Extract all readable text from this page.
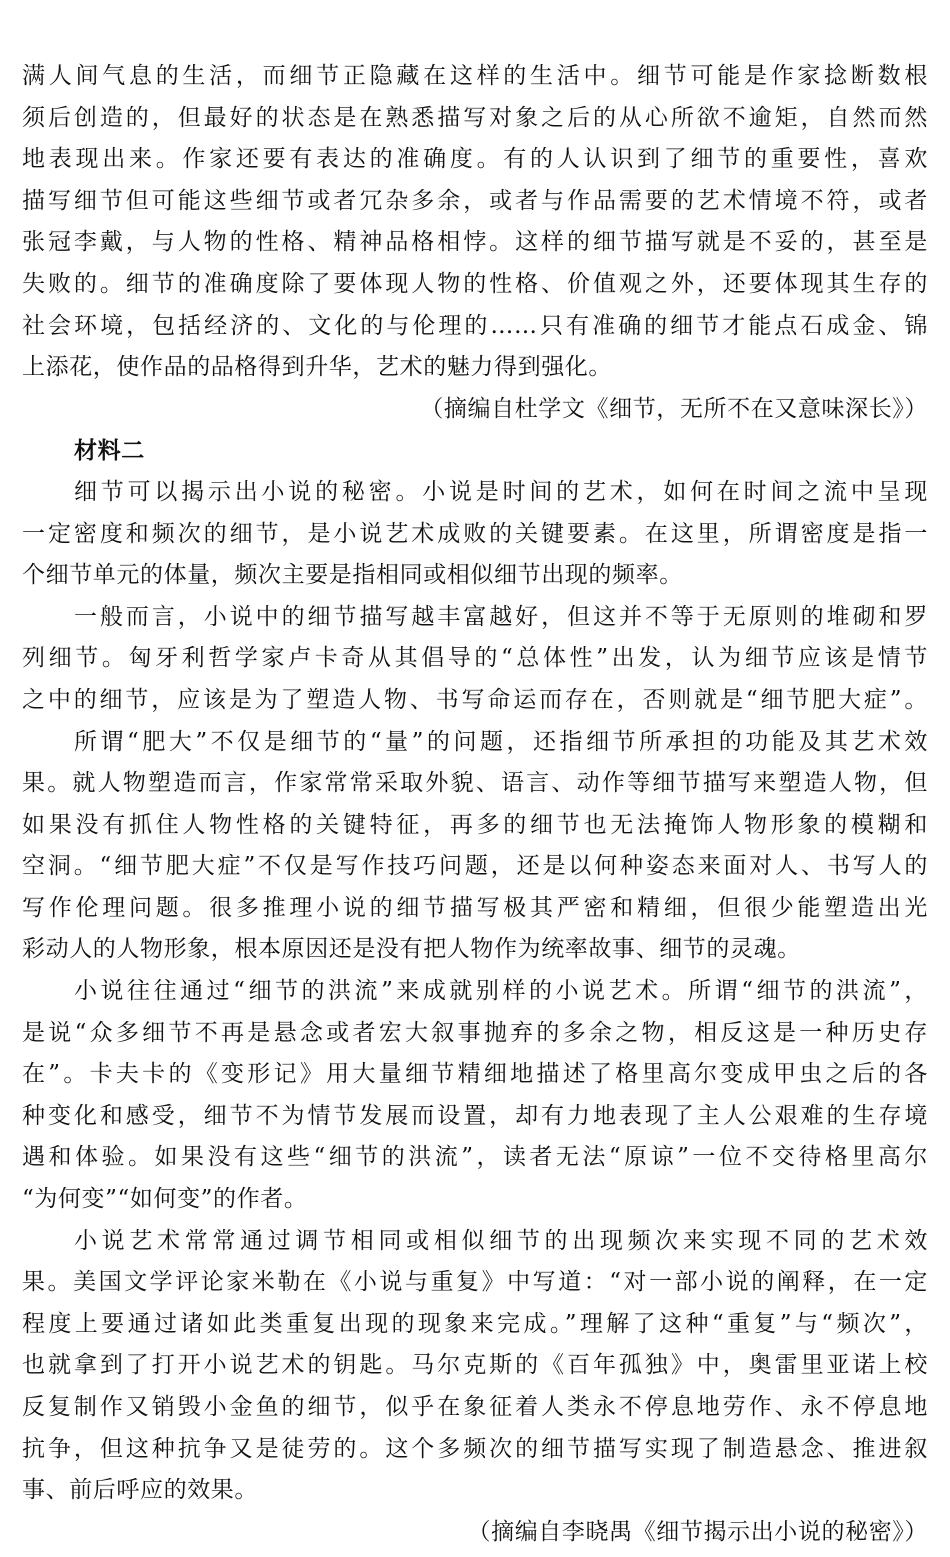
满人间气息的生活，而细节正隐藏在这样的生活中。细节可能是作家捻断数根
须后创造的，但最好的状态是在熟悉描写对象之后的从心所欲不逾矩，自然而然
地表现出来。作家还要有表达的准确度。有的人认识到了细节的重要性，喜欢
描写细节但可能这些细节或者冗杂多余，或者与作品需要的艺术情境不符，或者
张冠李戴，与人物的性格、精神品格相悖。这样的细节描写就是不妥的，甚至是
失败的。细节的准确度除了要体现人物的性格、价值观之外，还要体现其生存的
社会环境，包括经济的、文化的与伦理的……只有准确的细节才能点石成金、锦
上添花，使作品的品格得到升华，艺术的魅力得到强化。
（摘编自杜学文《细节，无所不在又意味深长》）
材料二
细节可以揭示出小说的秘密。小说是时间的艺术，如何在时间之流中呈现
一定密度和频次的细节，是小说艺术成败的关键要素。在这里，所谓密度是指一
个细节单元的体量，频次主要是指相同或相似细节出现的频率。
一般而言，小说中的细节描写越丰富越好，但这并不等于无原则的堆砌和罗
列细节。匈牙利哲学家卢卡奇从其倡导的“总体性”出发，认为细节应该是情节
之中的细节，应该是为了塑造人物、书写命运而存在，否则就是“细节肥大症”。
所谓“肥大”不仅是细节的“量”的问题，还指细节所承担的功能及其艺术效
果。就人物塑造而言，作家常常采取外貌、语言、动作等细节描写来塑造人物，但
如果没有抓住人物性格的关键特征，再多的细节也无法掩饰人物形象的模糊和
空洞。“细节肥大症”不仅是写作技巧问题，还是以何种姿态来面对人、书写人的
写作伦理问题。很多推理小说的细节描写极其严密和精细，但很少能塑造出光
彩动人的人物形象，根本原因还是没有把人物作为统率故事、细节的灵魂。
小说往往通过“细节的洪流”来成就别样的小说艺术。所谓“细节的洪流”，
是说“众多细节不再是悬念或者宏大叙事抛弃的多余之物，相反这是一种历史存
在”。卡夫卡的《变形记》用大量细节精细地描述了格里高尔变成甲虫之后的各
种变化和感受，细节不为情节发展而设置，却有力地表现了主人公艰难的生存境
遇和体验。如果没有这些“细节的洪流”，读者无法“原谅”一位不交待格里高尔
“为何变”“如何变”的作者。
小说艺术常常通过调节相同或相似细节的出现频次来实现不同的艺术效
果。美国文学评论家米勒在《小说与重复》中写道：“对一部小说的阐释，在一定
程度上要通过诸如此类重复出现的现象来完成。”理解了这种“重复”与“频次”，
也就拿到了打开小说艺术的钥匙。马尔克斯的《百年孤独》中，奥雷里亚诺上校
反复制作又销毁小金鱼的细节，似乎在象征着人类永不停息地劳作、永不停息地
抗争，但这种抗争又是徒劳的。这个多频次的细节描写实现了制造悬念、推进叙
事、前后呼应的效果。
（摘编自李晓禺《细节揭示出小说的秘密》）
